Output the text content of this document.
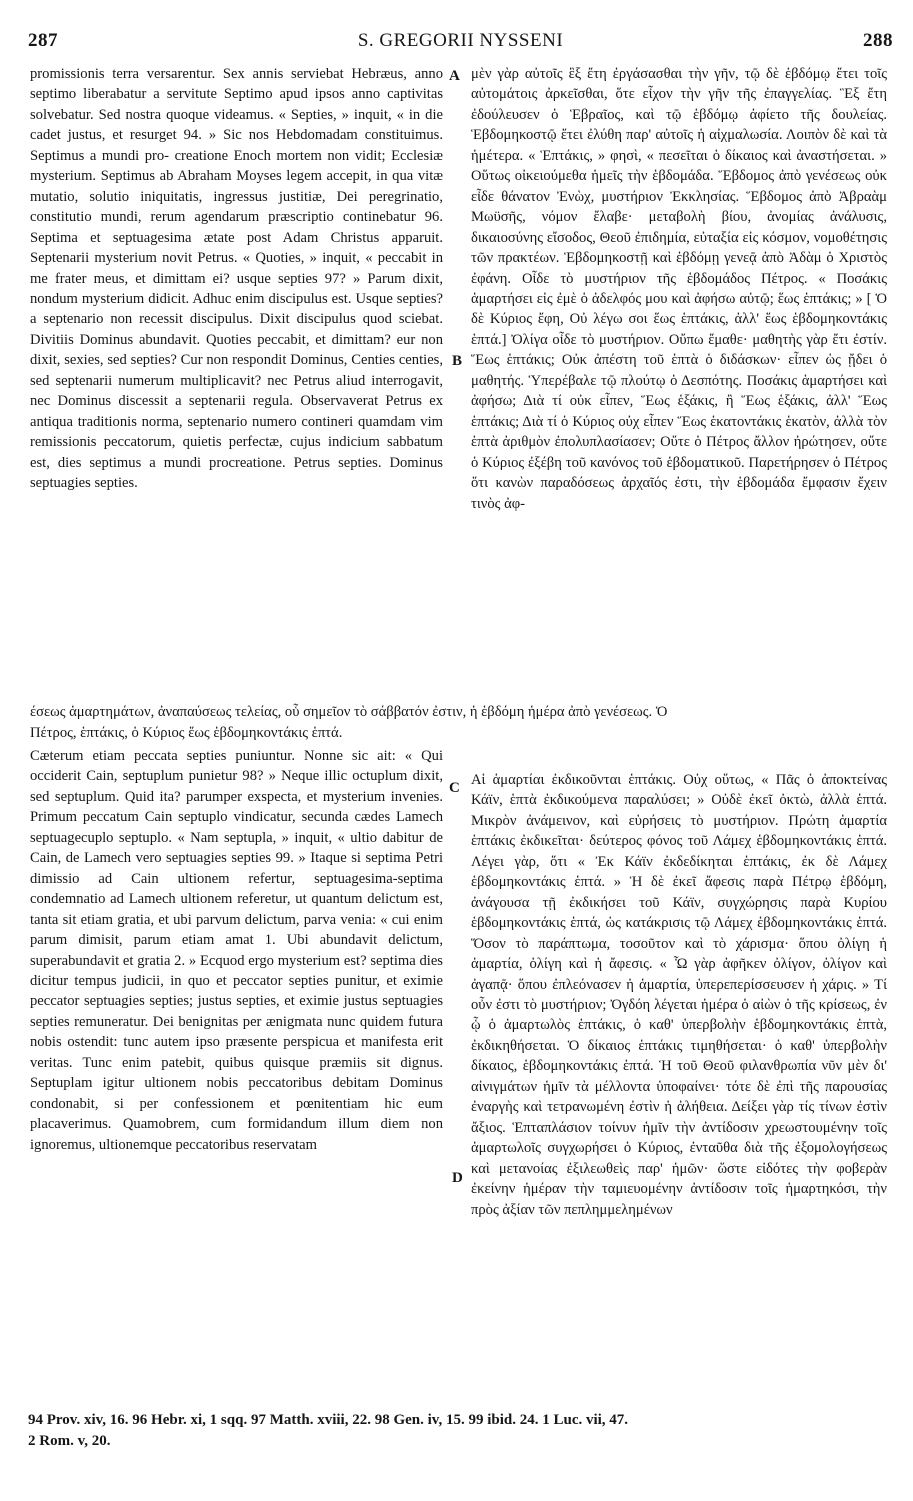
287	S. GREGORII NYSSENI	288
A
B
C
D

promissionis terra versarentur. Sex annis serviebat Hebræus, anno septimo liberabatur a servitute Septimo apud ipsos anno captivitas solvebatur. Sed nostra quoque videamus. « Septies, » inquit, « in die cadet justus, et resurget 94. » Sic nos Hebdomadam constituimus. Septimus a mundi pro- creatione Enoch mortem non vidit; Ecclesiæ mysterium. Septimus ab Abraham Moyses legem accepit, in qua vitæ mutatio, solutio iniquitatis, ingressus justitiæ, Dei peregrinatio, constitutio mundi, rerum agendarum præscriptio continebatur 96. Septima et septuagesima ætate post Adam Christus apparuit. Septenarii mysterium novit Petrus. « Quoties, » inquit, « peccabit in me frater meus, et dimittam ei? usque septies 97? » Parum dixit, nondum mysterium didicit. Adhuc enim discipulus est. Usque septies? a septenario non recessit discipulus. Dixit discipulus quod sciebat. Divitiis Dominus abundavit. Quoties peccabit, et dimittam? eur non dixit, sexies, sed septies? Cur non respondit Dominus, Centies centies, sed septenarii numerum multiplicavit? nec Petrus aliud interrogavit, nec Dominus discessit a septenarii regula. Observaverat Petrus ex antiqua traditionis norma, septenario numero contineri quamdam vim remissionis peccatorum, quietis perfectæ, cujus indicium sabbatum est, dies septimus a mundi procreatione. Petrus septies. Dominus septuagies septies.

μὲν γὰρ αὐτοῖς ἓξ ἔτη ἐργάσασθαι τὴν γῆν, τῷ δὲ ἑβδόμῳ ἔτει τοῖς αὐτομάτοις ἀρκεῖσθαι, ὅτε εἶχον τὴν γῆν τῆς ἐπαγγελίας. Ἓξ ἔτη ἐδούλευσεν ὁ Ἑβραῖος, καὶ τῷ ἑβδόμῳ ἀφίετο τῆς δουλείας. Ἑβδομηκοστῷ ἔτει ἐλύθη παρ' αὐτοῖς ἡ αἰχμαλωσία. Λοιπὸν δὲ καὶ τὰ ἡμέτερα. « Ἑπτάκις, » φησὶ, « πεσεῖται ὁ δίκαιος καὶ ἀναστήσεται. » Οὕτως οἰκειούμεθα ἡμεῖς τὴν ἑβδομάδα. Ἕβδομος ἀπὸ γενέσεως οὐκ εἶδε θάνατον Ἐνὼχ, μυστήριον Ἐκκλησίας. Ἕβδομος ἀπὸ Ἀβραὰμ Μωϋσῆς, νόμον ἔλαβε· μεταβολὴ βίου, ἀνομίας ἀνάλυσις, δικαιοσύνης εἴσοδος, Θεοῦ ἐπιδημία, εὐταξία εἰς κόσμον, νομοθέτησις τῶν πρακτέων. Ἑβδομηκοστῇ καὶ ἑβδόμῃ γενεᾷ ἀπὸ Ἀδὰμ ὁ Χριστὸς ἐφάνη. Οἶδε τὸ μυστήριον τῆς ἑβδομάδος Πέτρος. « Ποσάκις ἁμαρτήσει εἰς ἐμὲ ὁ ἀδελφός μου καὶ ἀφήσω αὐτῷ; ἕως ἑπτάκις; » [ Ὁ δὲ Κύριος ἔφη, Οὐ λέγω σοι ἕως ἑπτάκις, ἀλλ' ἕως ἑβδομηκοντάκις ἑπτά.] Ὀλίγα οἶδε τὸ μυστήριον. Οὔπω ἔμαθε· μαθητὴς γὰρ ἔτι ἐστίν. Ἕως ἑπτάκις; Οὐκ ἀπέστη τοῦ ἑπτὰ ὁ διδάσκων· εἶπεν ὡς ᾔδει ὁ μαθητής. Ὑπερέβαλε τῷ πλούτῳ ὁ Δεσπότης. Ποσάκις ἁμαρτήσει καὶ ἀφήσω; Διὰ τί οὐκ εἶπεν, Ἕως ἑξάκις, ἢ Ἕως ἑξάκις, ἀλλ' Ἕως ἑπτάκις; Διὰ τί ὁ Κύριος οὐχ εἶπεν Ἕως ἑκατοντάκις ἑκατὸν, ἀλλὰ τὸν ἑπτὰ ἀριθμὸν ἐπολυπλασίασεν; Οὔτε ὁ Πέτρος ἄλλον ἠρώτησεν, οὔτε ὁ Κύριος ἐξέβη τοῦ κανόνος τοῦ ἑβδοματικοῦ. Παρετήρησεν ὁ Πέτρος ὅτι κανὼν παραδόσεως ἀρχαῖός ἐστι, τὴν ἑβδομάδα ἔμφασιν ἔχειν τινὸς ἀφ-

έσεως ἁμαρτημάτων, ἀναπαύσεως τελείας, οὗ σημεῖον τὸ σάββατόν ἐστιν, ἡ ἑβδόμη ἡμέρα ἀπὸ γενέσεως. Ὁ
Πέτρος, ἑπτάκις, ὁ Κύριος ἕως ἑβδομηκοντάκις ἑπτά.

Cæterum etiam peccata septies puniuntur. Nonne sic ait: « Qui occiderit Cain, septuplum punietur 98? » Neque illic octuplum dixit, sed septuplum. Quid ita? parumper exspecta, et mysterium invenies. Primum peccatum Cain septuplo vindicatur, secunda cædes Lamech septuagecuplo septuplo. « Nam septupla, » inquit, « ultio dabitur de Cain, de Lamech vero septuagies septies 99. » Itaque si septima Petri dimissio ad Cain ultionem refertur, septuagesima-septima condemnatio ad Lamech ultionem referetur, ut quantum delictum est, tanta sit etiam gratia, et ubi parvum delictum, parva venia: « cui enim parum dimisit, parum etiam amat 1. Ubi abundavit delictum, superabundavit et gratia 2. » Ecquod ergo mysterium est? septima dies dicitur tempus judicii, in quo et peccator septies punitur, et eximie peccator septuagies septies; justus septies, et eximie justus septuagies septies remuneratur. Dei benignitas per ænigmata nunc quidem futura nobis ostendit: tunc autem ipso præsente perspicua et manifesta erit veritas. Tunc enim patebit, quibus quisque præmiis sit dignus. Septuplam igitur ultionem nobis peccatoribus debitam Dominus condonabit, si per confessionem et pœnitentiam hic eum placaverimus. Quamobrem, cum formidandum illum diem non ignoremus, ultionemque peccatoribus reservatam

Αἱ ἁμαρτίαι ἐκδικοῦνται ἑπτάκις. Οὐχ οὕτως, « Πᾶς ὁ ἀποκτείνας Κάϊν, ἑπτὰ ἐκδικούμενα παραλύσει; » Οὐδὲ ἐκεῖ ὀκτὼ, ἀλλὰ ἑπτά. Μικρὸν ἀνάμεινον, καὶ εὑρήσεις τὸ μυστήριον. Πρώτη ἁμαρτία ἑπτάκις ἐκδικεῖται· δεύτερος φόνος τοῦ Λάμεχ ἑβδομηκοντάκις ἑπτά. Λέγει γὰρ, ὅτι « Ἐκ Κάϊν ἐκδεδίκηται ἑπτάκις, ἐκ δὲ Λάμεχ ἑβδομηκοντάκις ἑπτά. » Ἡ δὲ ἐκεῖ ἄφεσις παρὰ Πέτρῳ ἑβδόμη, ἀνάγουσα τῇ ἐκδικήσει τοῦ Κάϊν, συγχώρησις παρὰ Κυρίου ἑβδομηκοντάκις ἑπτά, ὡς κατάκρισις τῷ Λάμεχ ἑβδομηκοντάκις ἑπτά. Ὅσον τὸ παράπτωμα, τοσοῦτον καὶ τὸ χάρισμα· ὅπου ὀλίγη ἡ ἁμαρτία, ὀλίγη καὶ ἡ ἄφεσις. « Ὧ γὰρ ἀφῆκεν ὀλίγον, ὀλίγον καὶ ἀγαπᾷ· ὅπου ἐπλεόνασεν ἡ ἁμαρτία, ὑπερεπερίσσευσεν ἡ χάρις. » Τί οὖν ἐστι τὸ μυστήριον; Ὀγδόη λέγεται ἡμέρα ὁ αἰὼν ὁ τῆς κρίσεως, ἐν ᾧ ὁ ἁμαρτωλὸς ἑπτάκις, ὁ καθ' ὑπερβολὴν ἑβδομηκοντάκις ἑπτὰ, ἐκδικηθήσεται. Ὁ δίκαιος ἑπτάκις τιμηθήσεται· ὁ καθ' ὑπερβολὴν δίκαιος, ἑβδομηκοντάκις ἑπτά. Ἡ τοῦ Θεοῦ φιλανθρωπία νῦν μὲν δι' αἰνιγμάτων ἡμῖν τὰ μέλλοντα ὑποφαίνει· τότε δὲ ἐπὶ τῆς παρουσίας ἐναργὴς καὶ τετρανωμένη ἐστὶν ἡ ἀλήθεια. Δείξει γὰρ τίς τίνων ἐστὶν ἄξιος. Ἑπταπλάσιον τοίνυν ἡμῖν τὴν ἀντίδοσιν χρεωστουμένην τοῖς ἁμαρτωλοῖς συγχωρήσει ὁ Κύριος, ἐνταῦθα διὰ τῆς ἐξομολογήσεως καὶ μετανοίας ἐξιλεωθεὶς παρ' ἡμῶν· ὥστε εἰδότες τὴν φοβερὰν ἐκείνην ἡμέραν τὴν ταμιευομένην ἀντίδοσιν τοῖς ἡμαρτηκόσι, τὴν πρὸς ἀξίαν τῶν πεπλημμελημένων

94 Prov. xiv, 16. 96 Hebr. xi, 1 sqq. 97 Matth. xviii, 22. 98 Gen. iv, 15. 99 ibid. 24. 1 Luc. vii, 47.
2 Rom. v, 20.
